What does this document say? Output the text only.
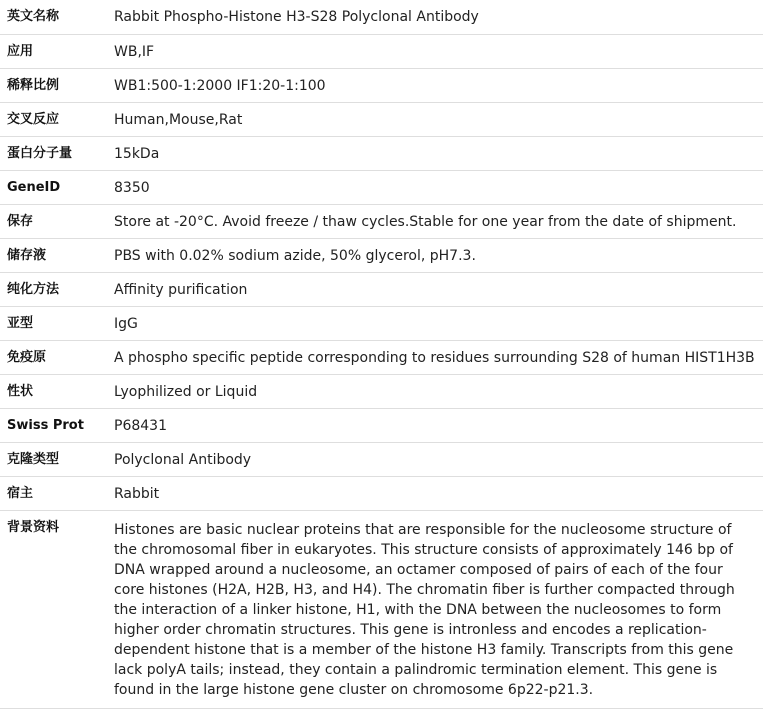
英文名称	Rabbit Phospho-Histone H3-S28 Polyclonal Antibody
应用	WB,IF
稀释比例	WB1:500-1:2000 IF1:20-1:100
交叉反应	Human,Mouse,Rat
蛋白分子量	15kDa
GeneID	8350
保存	Store at -20°C. Avoid freeze / thaw cycles.Stable for one year from the date of shipment.
储存液	PBS with 0.02% sodium azide, 50% glycerol, pH7.3.
纯化方法	Affinity purification
亚型	IgG
免疫原	A phospho specific peptide corresponding to residues surrounding S28 of human HIST1H3B
性状	Lyophilized or Liquid
Swiss Prot	P68431
克隆类型	Polyclonal Antibody
宿主	Rabbit
背景资料	Histones are basic nuclear proteins that are responsible for the nucleosome structure of the chromosomal fiber in eukaryotes. This structure consists of approximately 146 bp of DNA wrapped around a nucleosome, an octamer composed of pairs of each of the four core histones (H2A, H2B, H3, and H4). The chromatin fiber is further compacted through the interaction of a linker histone, H1, with the DNA between the nucleosomes to form higher order chromatin structures. This gene is intronless and encodes a replication-dependent histone that is a member of the histone H3 family. Transcripts from this gene lack polyA tails; instead, they contain a palindromic termination element. This gene is found in the large histone gene cluster on chromosome 6p22-p21.3.
